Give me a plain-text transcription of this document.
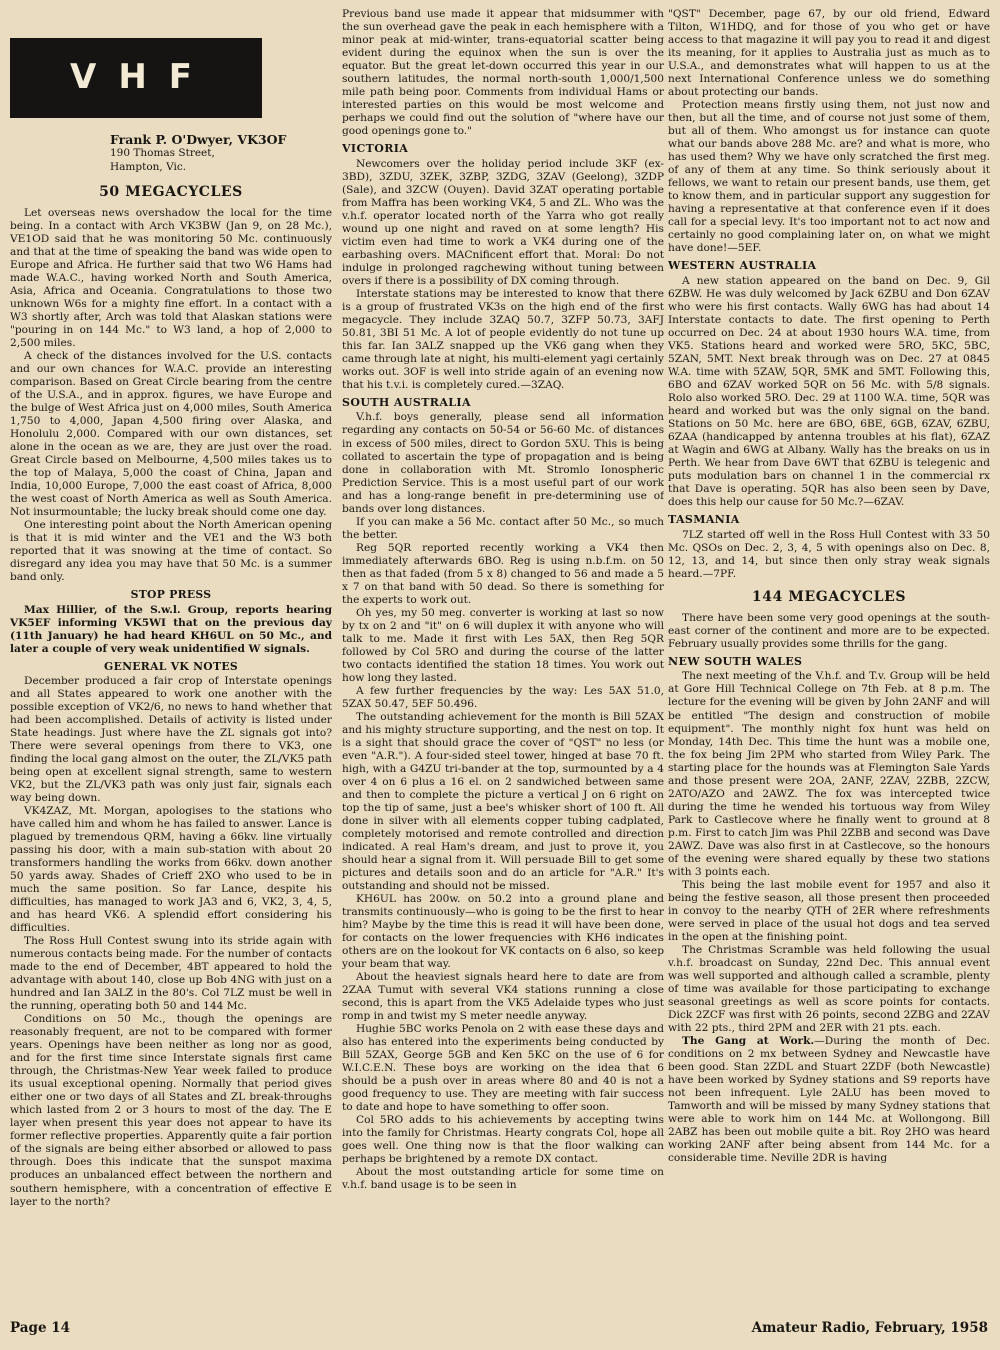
VHF
Frank P. O'Dwyer, VK3OF
190 Thomas Street,
Hampton, Vic.
50 MEGACYCLES

Let overseas news overshadow the local for the time being. In a contact with Arch VK3BW (Jan 9, on 28 Mc.), VE1OD said that he was monitoring 50 Mc. continuously and that at the time of speaking the band was wide open to Europe and Africa. He further said that two W6 Hams had made W.A.C., having worked North and South America, Asia, Africa and Oceania. Congratulations to those two unknown W6s for a mighty fine effort. In a contact with a W3 shortly after, Arch was told that Alaskan stations were "pouring in on 144 Mc." to W3 land, a hop of 2,000 to 2,500 miles.

A check of the distances involved for the U.S. contacts and our own chances for W.A.C. provide an interesting comparison. Based on Great Circle bearing from the centre of the U.S.A., and in approx. figures, we have Europe and the bulge of West Africa just on 4,000 miles, South America 1,750 to 4,000, Japan 4,500 firing over Alaska, and Honolulu 2,000. Compared with our own distances, set alone in the ocean as we are, they are just over the road. Great Circle based on Melbourne, 4,500 miles takes us to the top of Malaya, 5,000 the coast of China, Japan and India, 10,000 Europe, 7,000 the east coast of Africa, 8,000 the west coast of North America as well as South America. Not insurmountable; the lucky break should come one day.

One interesting point about the North American opening is that it is mid winter and the VE1 and the W3 both reported that it was snowing at the time of contact. So disregard any idea you may have that 50 Mc. is a summer band only.

STOP PRESS

Max Hillier, of the S.w.l. Group, reports hearing VK5EF informing VK5WI that on the previous day (11th January) he had heard KH6UL on 50 Mc., and later a couple of very weak unidentified W signals.

GENERAL VK NOTES

December produced a fair crop of Interstate openings and all States appeared to work one another with the possible exception of VK2/6, no news to hand whether that had been accomplished. Details of activity is listed under State headings. Just where have the ZL signals got into? There were several openings from there to VK3, one finding the local gang almost on the outer, the ZL/VK5 path being open at excellent signal strength, same to western VK2, but the ZL/VK3 path was only just fair, signals each way being down.

VK4ZAZ, Mt. Morgan, apologises to the stations who have called him and whom he has failed to answer. Lance is plagued by tremendous QRM, having a 66kv. line virtually passing his door, with a main sub-station with about 20 transformers handling the works from 66kv. down another 50 yards away. Shades of Crieff 2XO who used to be in much the same position. So far Lance, despite his difficulties, has managed to work JA3 and 6, VK2, 3, 4, 5, and has heard VK6. A splendid effort considering his difficulties.

The Ross Hull Contest swung into its stride again with numerous contacts being made. For the number of contacts made to the end of December, 4BT appeared to hold the advantage with about 140, close up Bob 4NG with just on a hundred and Ian 3ALZ in the 80's. Col 7LZ must be well in the running, operating both 50 and 144 Mc.

Conditions on 50 Mc., though the openings are reasonably frequent, are not to be compared with former years. Openings have been neither as long nor as good, and for the first time since Interstate signals first came through, the Christmas-New Year week failed to produce its usual exceptional opening. Normally that period gives either one or two days of all States and ZL break-throughs which lasted from 2 or 3 hours to most of the day. The E layer when present this year does not appear to have its former reflective properties. Apparently quite a fair portion of the signals are being either absorbed or allowed to pass through. Does this indicate that the sunspot maxima produces an unbalanced effect between the northern and southern hemisphere, with a concentration of effective E layer to the north?

Previous band use made it appear that midsummer with the sun overhead gave the peak in each hemisphere with a minor peak at mid-winter, trans-equatorial scatter being evident during the equinox when the sun is over the equator. But the great let-down occurred this year in our southern latitudes, the normal north-south 1,000/1,500 mile path being poor. Comments from individual Hams or interested parties on this would be most welcome and perhaps we could find out the solution of "where have our good openings gone to."

VICTORIA

Newcomers over the holiday period include 3KF (ex-3BD), 3ZDU, 3ZEK, 3ZBP, 3ZDG, 3ZAV (Geelong), 3ZDP (Sale), and 3ZCW (Ouyen). David 3ZAT operating portable from Maffra has been working VK4, 5 and ZL. Who was the v.h.f. operator located north of the Yarra who got really wound up one night and raved on at some length? His victim even had time to work a VK4 during one of the earbashing overs. MACnificent effort that. Moral: Do not indulge in prolonged ragchewing without tuning between overs if there is a possibility of DX coming through.

Interstate stations may be interested to know that there is a group of frustrated VK3s on the high end of the first megacycle. They include 3ZAQ 50.7, 3ZFP 50.73, 3AFJ 50.81, 3BI 51 Mc. A lot of people evidently do not tune up this far. Ian 3ALZ snapped up the VK6 gang when they came through late at night, his multi-element yagi certainly works out. 3OF is well into stride again of an evening now that his t.v.i. is completely cured.—3ZAQ.

SOUTH AUSTRALIA

V.h.f. boys generally, please send all information regarding any contacts on 50-54 or 56-60 Mc. of distances in excess of 500 miles, direct to Gordon 5XU. This is being collated to ascertain the type of propagation and is being done in collaboration with Mt. Stromlo Ionospheric Prediction Service. This is a most useful part of our work and has a long-range benefit in pre-determining use of bands over long distances.

If you can make a 56 Mc. contact after 50 Mc., so much the better.

Reg 5QR reported recently working a VK4 then immediately afterwards 6BO. Reg is using n.b.f.m. on 50 then as that faded (from 5 x 8) changed to 56 and made a 5 x 7 on that band with 50 dead. So there is something for the experts to work out.

Oh yes, my 50 meg. converter is working at last so now by tx on 2 and "it" on 6 will duplex it with anyone who will talk to me. Made it first with Les 5AX, then Reg 5QR followed by Col 5RO and during the course of the latter two contacts identified the station 18 times. You work out how long they lasted.

A few further frequencies by the way: Les 5AX 51.0, 5ZAX 50.47, 5EF 50.496.

The outstanding achievement for the month is Bill 5ZAX and his mighty structure supporting, and the nest on top. It is a sight that should grace the cover of "QST" no less (or even "A.R."). A four-sided steel tower, hinged at base 70 ft. high, with a G4ZU tri-bander at the top, surmounted by a 4 over 4 on 6 plus a 16 el. on 2 sandwiched between same and then to complete the picture a vertical J on 6 right on top the tip of same, just a bee's whisker short of 100 ft. All done in silver with all elements copper tubing cadplated, completely motorised and remote controlled and direction indicated. A real Ham's dream, and just to prove it, you should hear a signal from it. Will persuade Bill to get some pictures and details soon and do an article for "A.R." It's outstanding and should not be missed.

KH6UL has 200w. on 50.2 into a ground plane and transmits continuously—who is going to be the first to hear him? Maybe by the time this is read it will have been done, for contacts on the lower frequencies with KH6 indicates others are on the lookout for VK contacts on 6 also, so keep your beam that way.

About the heaviest signals heard here to date are from 2ZAA Tumut with several VK4 stations running a close second, this is apart from the VK5 Adelaide types who just romp in and twist my S meter needle anyway.

Hughie 5BC works Penola on 2 with ease these days and also has entered into the experiments being conducted by Bill 5ZAX, George 5GB and Ken 5KC on the use of 6 for W.I.C.E.N. These boys are working on the idea that 6 should be a push over in areas where 80 and 40 is not a good frequency to use. They are meeting with fair success to date and hope to have something to offer soon.

Col 5RO adds to his achievements by accepting twins into the family for Christmas. Hearty congrats Col, hope all goes well. One thing now is that the floor walking can perhaps be brightened by a remote DX contact.

About the most outstanding article for some time on v.h.f. band usage is to be seen in

"QST" December, page 67, by our old friend, Edward Tilton, W1HDQ, and for those of you who get or have access to that magazine it will pay you to read it and digest its meaning, for it applies to Australia just as much as to U.S.A., and demonstrates what will happen to us at the next International Conference unless we do something about protecting our bands.

Protection means firstly using them, not just now and then, but all the time, and of course not just some of them, but all of them. Who amongst us for instance can quote what our bands above 288 Mc. are? and what is more, who has used them? Why we have only scratched the first meg. of any of them at any time. So think seriously about it fellows, we want to retain our present bands, use them, get to know them, and in particular support any suggestion for having a representative at that conference even if it does call for a special levy. It's too important not to act now and certainly no good complaining later on, on what we might have done!—5EF.

WESTERN AUSTRALIA

A new station appeared on the band on Dec. 9, Gil 6ZBW. He was duly welcomed by Jack 6ZBU and Don 6ZAV who were his first contacts. Wally 6WG has had about 14 Interstate contacts to date. The first opening to Perth occurred on Dec. 24 at about 1930 hours W.A. time, from VK5. Stations heard and worked were 5RO, 5KC, 5BC, 5ZAN, 5MT. Next break through was on Dec. 27 at 0845 W.A. time with 5ZAW, 5QR, 5MK and 5MT. Following this, 6BO and 6ZAV worked 5QR on 56 Mc. with 5/8 signals. Rolo also worked 5RO. Dec. 29 at 1100 W.A. time, 5QR was heard and worked but was the only signal on the band. Stations on 50 Mc. here are 6BO, 6BE, 6GB, 6ZAV, 6ZBU, 6ZAA (handicapped by antenna troubles at his flat), 6ZAZ at Wagin and 6WG at Albany. Wally has the breaks on us in Perth. We hear from Dave 6WT that 6ZBU is telegenic and puts modulation bars on channel 1 in the commercial rx that Dave is operating. 5QR has also been seen by Dave, does this help our cause for 50 Mc.?—6ZAV.

TASMANIA

7LZ started off well in the Ross Hull Contest with 33 50 Mc. QSOs on Dec. 2, 3, 4, 5 with openings also on Dec. 8, 12, 13, and 14, but since then only stray weak signals heard.—7PF.

144 MEGACYCLES

There have been some very good openings at the south-east corner of the continent and more are to be expected. February usually provides some thrills for the gang.

NEW SOUTH WALES

The next meeting of the V.h.f. and T.v. Group will be held at Gore Hill Technical College on 7th Feb. at 8 p.m. The lecture for the evening will be given by John 2ANF and will be entitled "The design and construction of mobile equipment". The monthly night fox hunt was held on Monday, 14th Dec. This time the hunt was a mobile one, the fox being Jim 2PM who started from Wiley Park. The starting place for the hounds was at Flemington Sale Yards and those present were 2OA, 2ANF, 2ZAV, 2ZBB, 2ZCW, 2ATO/AZO and 2AWZ. The fox was intercepted twice during the time he wended his tortuous way from Wiley Park to Castlecove where he finally went to ground at 8 p.m. First to catch Jim was Phil 2ZBB and second was Dave 2AWZ. Dave was also first in at Castlecove, so the honours of the evening were shared equally by these two stations with 3 points each.

This being the last mobile event for 1957 and also it being the festive season, all those present then proceeded in convoy to the nearby QTH of 2ER where refreshments were served in place of the usual hot dogs and tea served in the open at the finishing point.

The Christmas Scramble was held following the usual v.h.f. broadcast on Sunday, 22nd Dec. This annual event was well supported and although called a scramble, plenty of time was available for those participating to exchange seasonal greetings as well as score points for contacts. Dick 2ZCF was first with 26 points, second 2ZBG and 2ZAV with 22 pts., third 2PM and 2ER with 21 pts. each.

The Gang at Work.—During the month of Dec. conditions on 2 mx between Sydney and Newcastle have been good. Stan 2ZDL and Stuart 2ZDF (both Newcastle) have been worked by Sydney stations and S9 reports have not been infrequent. Lyle 2ALU has been moved to Tamworth and will be missed by many Sydney stations that were able to work him on 144 Mc. at Wollongong. Bill 2ABZ has been out mobile quite a bit. Roy 2HO was heard working 2ANF after being absent from 144 Mc. for a considerable time. Neville 2DR is having

Page 14	Amateur Radio, February, 1958
